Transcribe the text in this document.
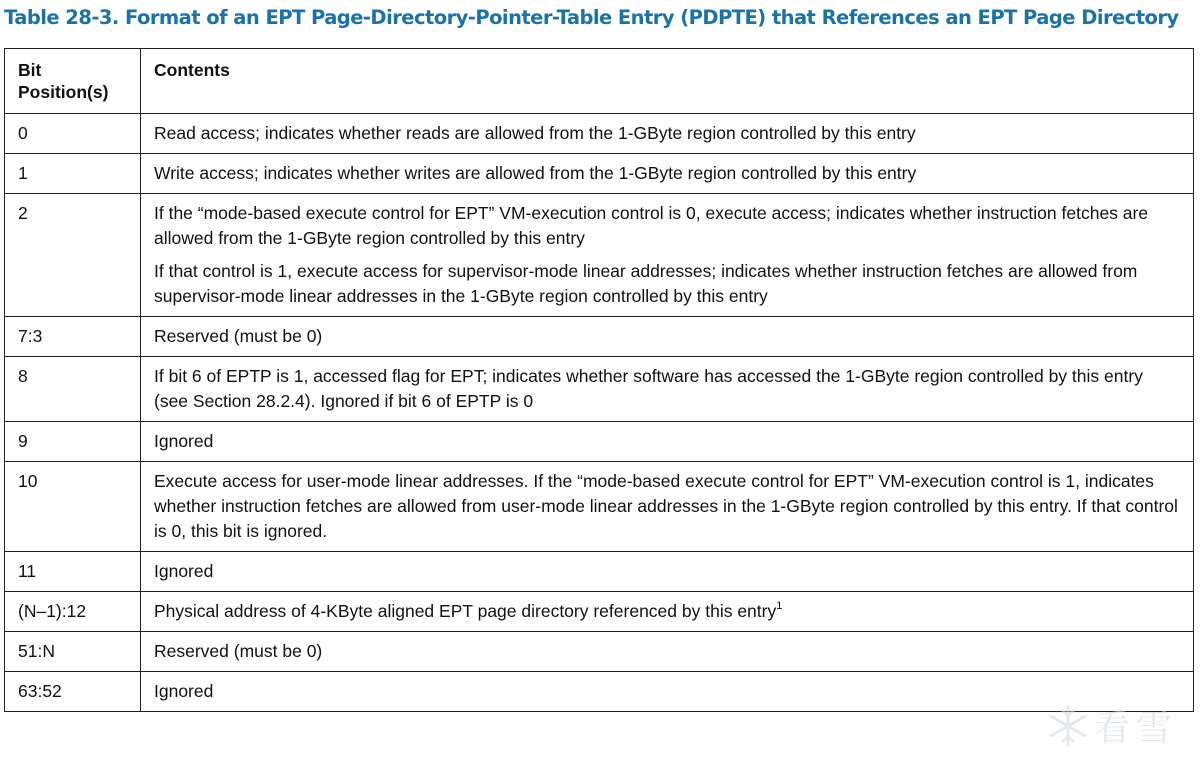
Table 28-3. Format of an EPT Page-Directory-Pointer-Table Entry (PDPTE) that References an EPT Page Directory
Bit
Position(s)	Contents
0	Read access; indicates whether reads are allowed from the 1-GByte region controlled by this entry

1	Write access; indicates whether writes are allowed from the 1-GByte region controlled by this entry

2	If the “mode-based execute control for EPT” VM-execution control is 0, execute access; indicates whether instruction fetches are allowed from the 1-GByte region controlled by this entry
If that control is 1, execute access for supervisor-mode linear addresses; indicates whether instruction fetches are allowed from supervisor-mode linear addresses in the 1-GByte region controlled by this entry

7:3	Reserved (must be 0)

8	If bit 6 of EPTP is 1, accessed flag for EPT; indicates whether software has accessed the 1-GByte region controlled by this entry (see Section 28.2.4). Ignored if bit 6 of EPTP is 0

9	Ignored

10	Execute access for user-mode linear addresses. If the “mode-based execute control for EPT” VM-execution control is 1, indicates whether instruction fetches are allowed from user-mode linear addresses in the 1-GByte region controlled by this entry. If that control is 0, this bit is ignored.

11	Ignored

(N–1):12	Physical address of 4-KByte aligned EPT page directory referenced by this entry$^1$

51:N	Reserved (must be 0)

63:52	Ignored
看雪
